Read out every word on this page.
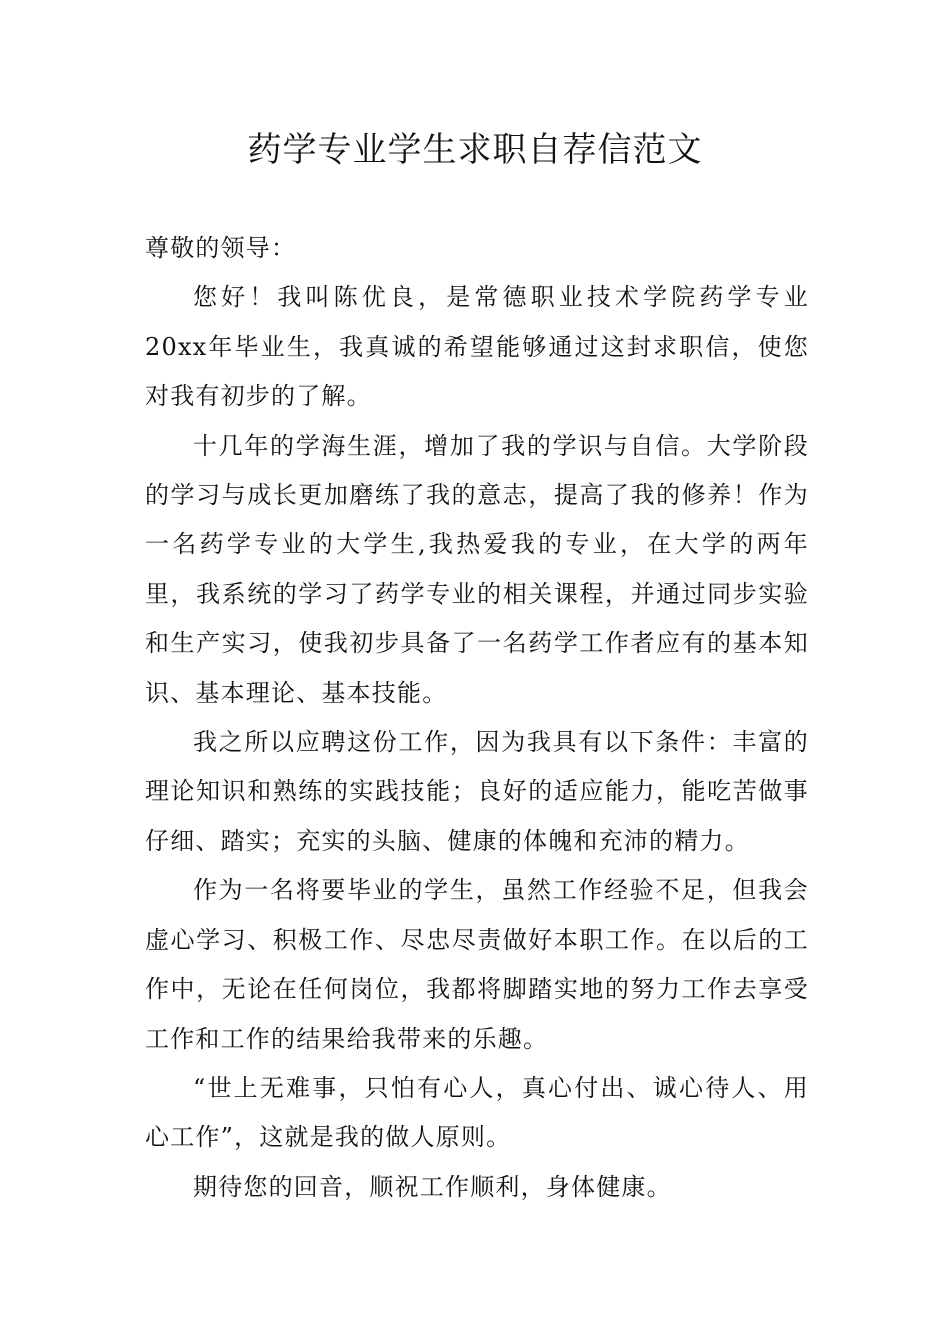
药学专业学生求职自荐信范文

尊敬的领导：

您好！我叫陈优良，是常德职业技术学院药学专业20xx年毕业生，我真诚的希望能够通过这封求职信，使您对我有初步的了解。

十几年的学海生涯，增加了我的学识与自信。大学阶段的学习与成长更加磨练了我的意志，提高了我的修养！作为一名药学专业的大学生,我热爱我的专业，在大学的两年里，我系统的学习了药学专业的相关课程，并通过同步实验和生产实习，使我初步具备了一名药学工作者应有的基本知识、基本理论、基本技能。

我之所以应聘这份工作，因为我具有以下条件：丰富的理论知识和熟练的实践技能；良好的适应能力，能吃苦做事仔细、踏实；充实的头脑、健康的体魄和充沛的精力。

作为一名将要毕业的学生，虽然工作经验不足，但我会虚心学习、积极工作、尽忠尽责做好本职工作。在以后的工作中，无论在任何岗位，我都将脚踏实地的努力工作去享受工作和工作的结果给我带来的乐趣。

“世上无难事，只怕有心人，真心付出、诚心待人、用心工作”，这就是我的做人原则。

期待您的回音，顺祝工作顺利，身体健康。
